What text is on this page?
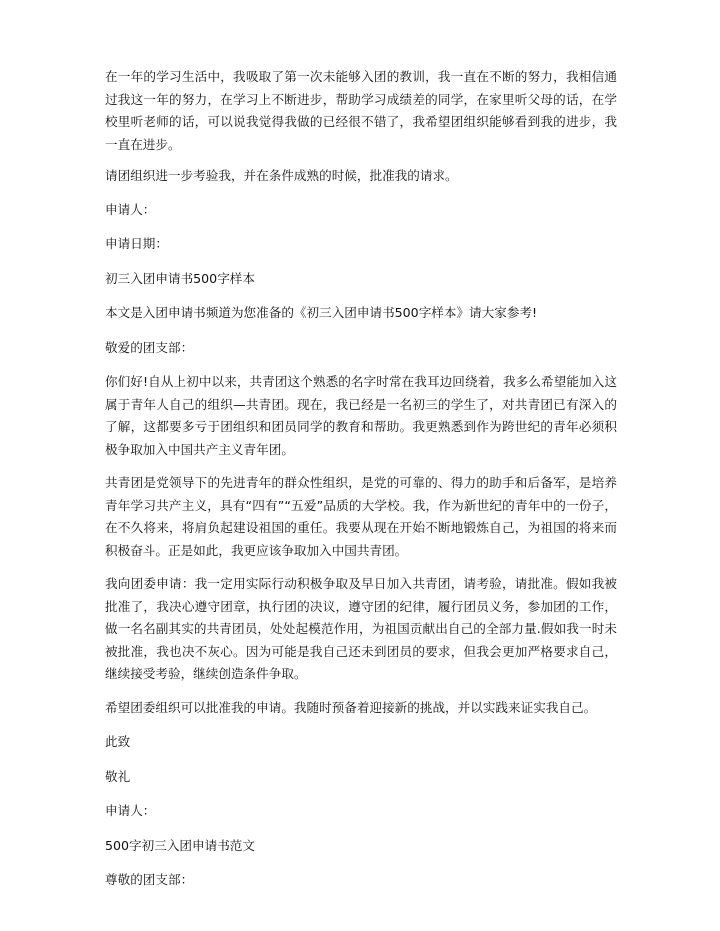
在一年的学习生活中，我吸取了第一次未能够入团的教训，我一直在不断的努力，我相信通过我这一年的努力，在学习上不断进步，帮助学习成绩差的同学，在家里听父母的话，在学校里听老师的话，可以说我觉得我做的已经很不错了，我希望团组织能够看到我的进步，我一直在进步。

请团组织进一步考验我，并在条件成熟的时候，批准我的请求。

申请人：

申请日期：

初三入团申请书500字样本

本文是入团申请书频道为您准备的《初三入团申请书500字样本》请大家参考!

敬爱的团支部：

你们好!自从上初中以来，共青团这个熟悉的名字时常在我耳边回绕着，我多么希望能加入这属于青年人自己的组织—共青团。现在，我已经是一名初三的学生了，对共青团已有深入的了解，这都要多亏于团组织和团员同学的教育和帮助。我更熟悉到作为跨世纪的青年必须积极争取加入中国共产主义青年团。

共青团是党领导下的先进青年的群众性组织，是党的可靠的、得力的助手和后备军，是培养青年学习共产主义，具有“四有”“五爱”品质的大学校。我，作为新世纪的青年中的一份子，在不久将来，将肩负起建设祖国的重任。我要从现在开始不断地锻炼自己，为祖国的将来而积极奋斗。正是如此，我更应该争取加入中国共青团。

我向团委申请：我一定用实际行动积极争取及早日加入共青团，请考验，请批准。假如我被批准了，我决心遵守团章，执行团的决议，遵守团的纪律，履行团员义务，参加团的工作，做一名名副其实的共青团员，处处起模范作用，为祖国贡献出自己的全部力量.假如我一时未被批准，我也决不灰心。因为可能是我自己还未到团员的要求，但我会更加严格要求自己，继续接受考验，继续创造条件争取。

希望团委组织可以批准我的申请。我随时预备着迎接新的挑战，并以实践来证实我自己。

此致

敬礼

申请人：

500字初三入团申请书范文

尊敬的团支部：
